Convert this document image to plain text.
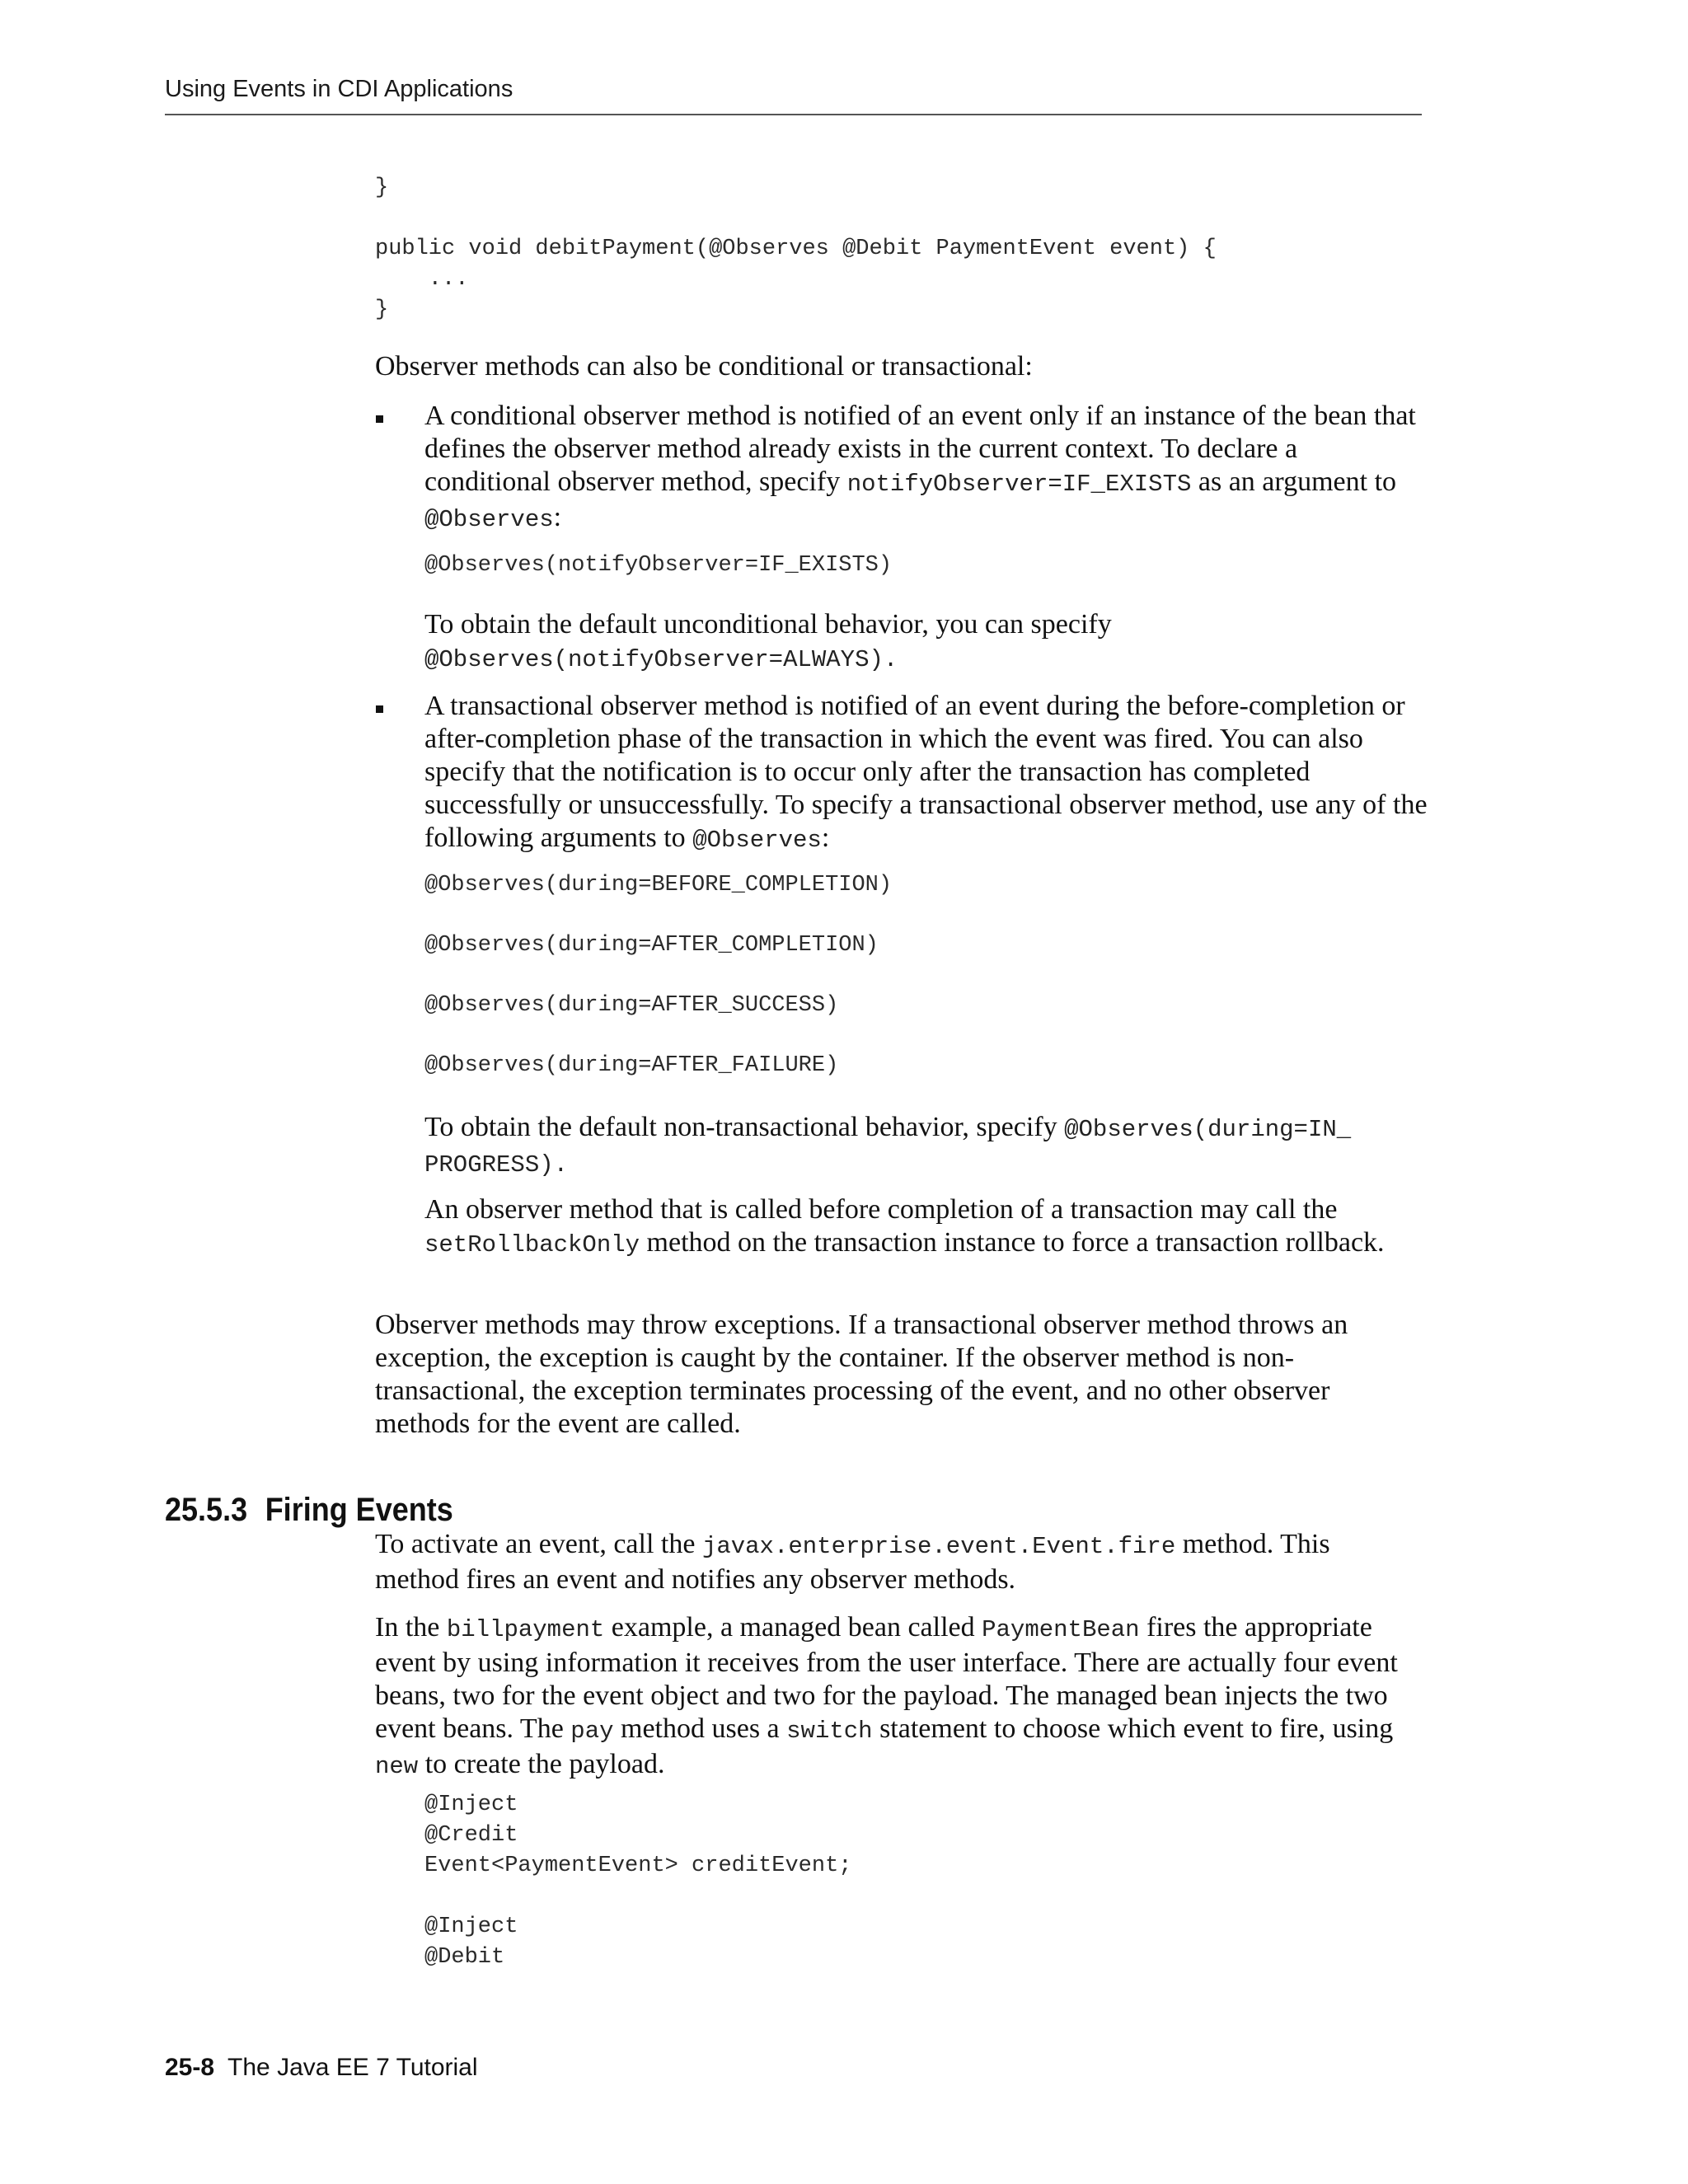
Using Events in CDI Applications
}

public void debitPayment(@Observes @Debit PaymentEvent event) {
...
}

Observer methods can also be conditional or transactional:

A conditional observer method is notified of an event only if an instance of the bean that defines the observer method already exists in the current context. To declare a conditional observer method, specify notifyObserver=IF_EXISTS as an argument to @Observes:

@Observes(notifyObserver=IF_EXISTS)

To obtain the default unconditional behavior, you can specify
@Observes(notifyObserver=ALWAYS).

A transactional observer method is notified of an event during the before-completion or after-completion phase of the transaction in which the event was fired. You can also specify that the notification is to occur only after the transaction has completed successfully or unsuccessfully. To specify a transactional observer method, use any of the following arguments to @Observes:

@Observes(during=BEFORE_COMPLETION)
@Observes(during=AFTER_COMPLETION)
@Observes(during=AFTER_SUCCESS)
@Observes(during=AFTER_FAILURE)

To obtain the default non-transactional behavior, specify @Observes(during=IN_
PROGRESS).

An observer method that is called before completion of a transaction may call the
setRollbackOnly method on the transaction instance to force a transaction rollback.

Observer methods may throw exceptions. If a transactional observer method throws an exception, the exception is caught by the container. If the observer method is non-transactional, the exception terminates processing of the event, and no other observer methods for the event are called.

25.5.3 Firing Events

To activate an event, call the javax.enterprise.event.Event.fire method. This method fires an event and notifies any observer methods.

In the billpayment example, a managed bean called PaymentBean fires the appropriate event by using information it receives from the user interface. There are actually four event beans, two for the event object and two for the payload. The managed bean injects the two event beans. The pay method uses a switch statement to choose which event to fire, using new to create the payload.

@Inject
@Credit
Event<PaymentEvent> creditEvent;

@Inject
@Debit
25-8 The Java EE 7 Tutorial
